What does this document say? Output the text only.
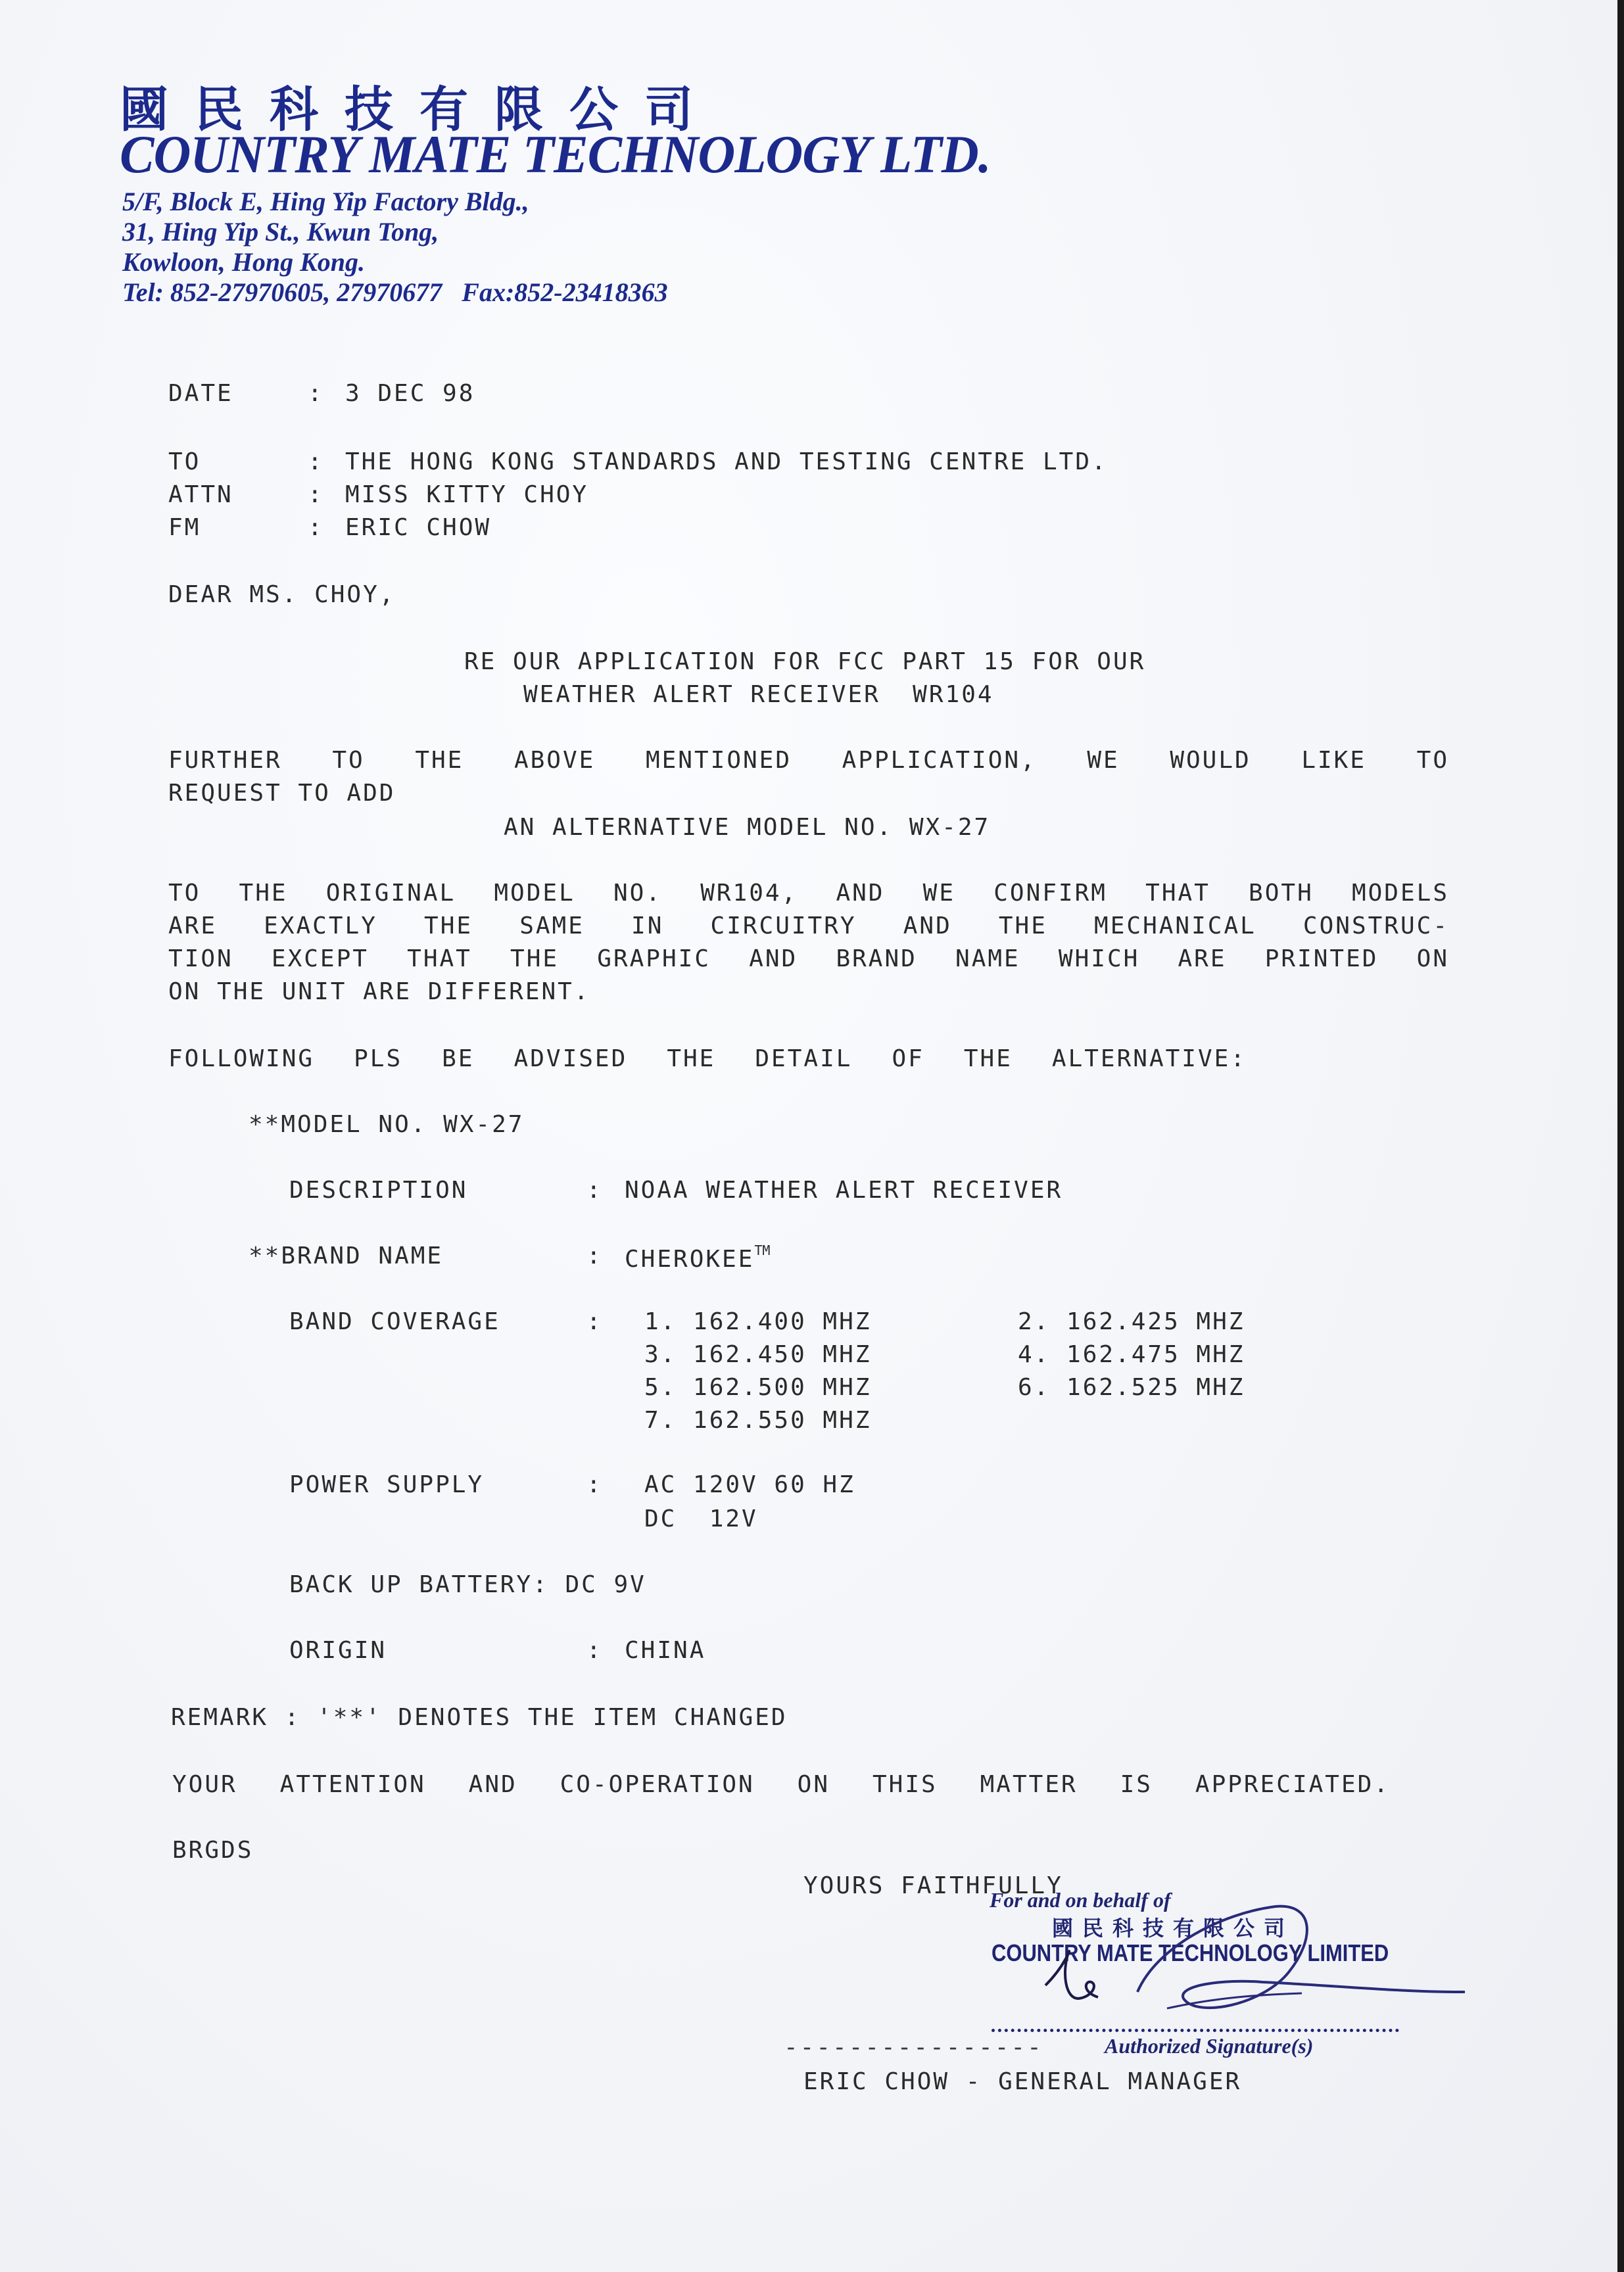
國民科技有限公司
COUNTRY MATE TECHNOLOGY LTD.
5/F, Block E, Hing Yip Factory Bldg.,
31, Hing Yip St., Kwun Tong,
Kowloon, Hong Kong.
Tel: 852-27970605, 27970677   Fax:852-23418363
DATE	: 3 DEC 98
TO	: THE HONG KONG STANDARDS AND TESTING CENTRE LTD.
ATTN	: MISS KITTY CHOY
FM	: ERIC CHOW
DEAR MS. CHOY,
RE OUR APPLICATION FOR FCC PART 15 FOR OUR
WEATHER ALERT RECEIVER  WR104
FURTHER TO THE ABOVE MENTIONED APPLICATION, WE WOULD LIKE TO
REQUEST TO ADD
AN ALTERNATIVE MODEL NO. WX-27
TO THE ORIGINAL MODEL NO. WR104, AND WE CONFIRM THAT BOTH MODELS
ARE EXACTLY THE SAME IN CIRCUITRY AND THE MECHANICAL CONSTRUC-
TION EXCEPT THAT THE GRAPHIC AND BRAND NAME WHICH ARE PRINTED ON
ON THE UNIT ARE DIFFERENT.
FOLLOWING PLS BE ADVISED THE DETAIL OF THE ALTERNATIVE:
**MODEL NO. WX-27
DESCRIPTION	: NOAA WEATHER ALERT RECEIVER
**BRAND NAME	: CHEROKEE™
BAND COVERAGE	: 1. 162.400 MHZ	2. 162.425 MHZ
3. 162.450 MHZ	4. 162.475 MHZ
5. 162.500 MHZ	6. 162.525 MHZ
7. 162.550 MHZ
POWER SUPPLY	: AC 120V 60 HZ
DC  12V
BACK UP BATTERY: DC 9V
ORIGIN	: CHINA
REMARK : '**' DENOTES THE ITEM CHANGED
YOUR ATTENTION AND CO-OPERATION ON THIS MATTER IS APPRECIATED.
BRGDS
YOURS FAITHFULLY
For and on behalf of
國民科技有限公司
COUNTRY MATE TECHNOLOGY LIMITED
----------------	Authorized Signature(s)
ERIC CHOW - GENERAL MANAGER
